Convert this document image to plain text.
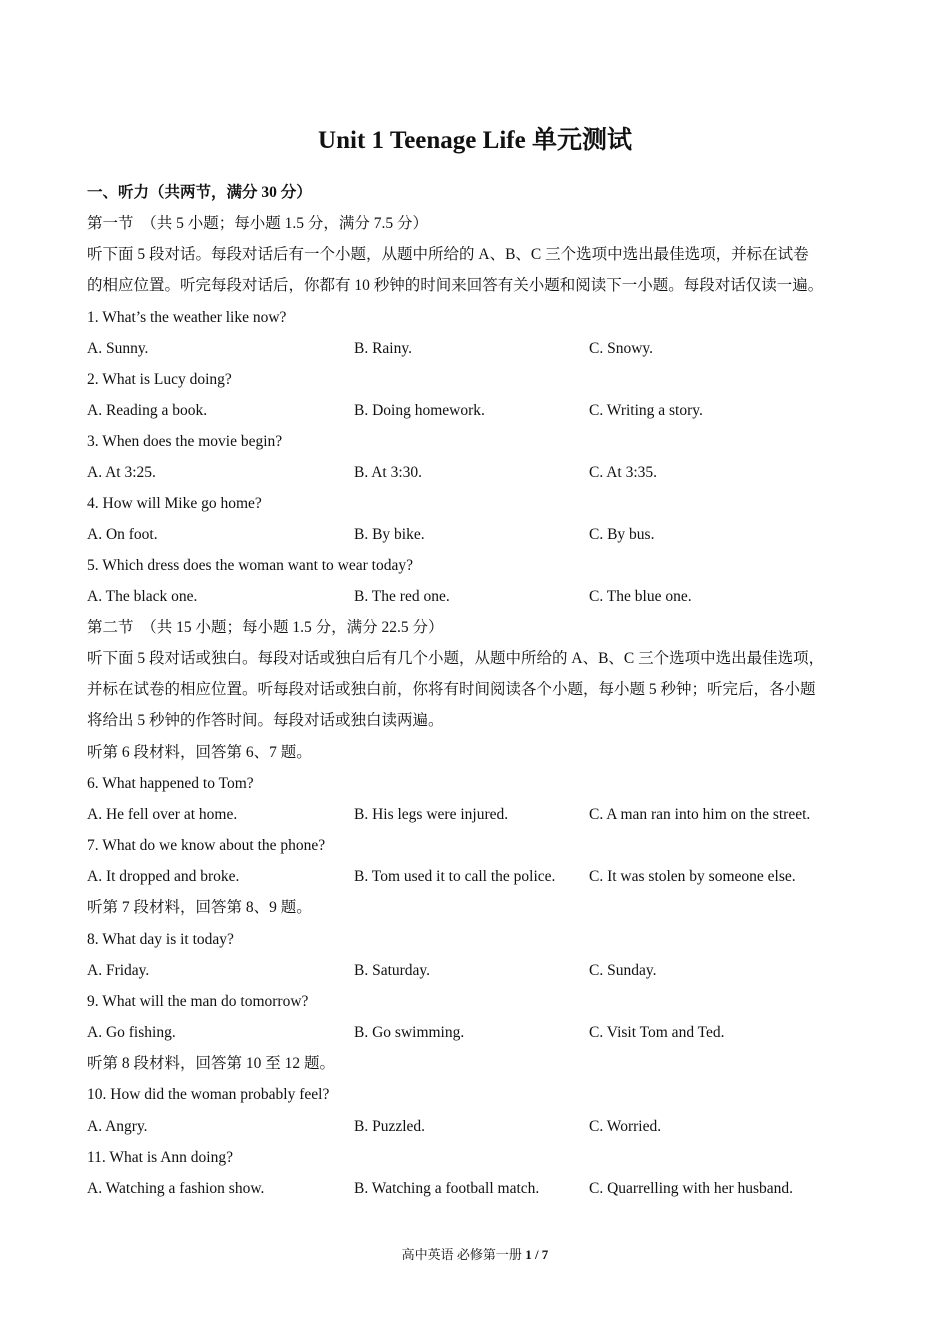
Unit 1 Teenage Life 单元测试
一、听力（共两节，满分 30 分）
第一节　（共 5 小题；每小题 1.5 分，满分 7.5 分）
听下面 5 段对话。每段对话后有一个小题，从题中所给的 A、B、C 三个选项中选出最佳选项，并标在试卷
的相应位置。听完每段对话后，你都有 10 秒钟的时间来回答有关小题和阅读下一小题。每段对话仅读一遍。
1. What’s the weather like now?
A. Sunny.	B. Rainy.	C. Snowy.
2. What is Lucy doing?
A. Reading a book.	B. Doing homework.	C. Writing a story.
3. When does the movie begin?
A. At 3:25.	B. At 3:30.	C. At 3:35.
4. How will Mike go home?
A. On foot.	B. By bike.	C. By bus.
5. Which dress does the woman want to wear today?
A. The black one.	B. The red one.	C. The blue one.
第二节　（共 15 小题；每小题 1.5 分，满分 22.5 分）
听下面 5 段对话或独白。每段对话或独白后有几个小题，从题中所给的 A、B、C 三个选项中选出最佳选项，
并标在试卷的相应位置。听每段对话或独白前，你将有时间阅读各个小题，每小题 5 秒钟；听完后，各小题
将给出 5 秒钟的作答时间。每段对话或独白读两遍。
听第 6 段材料，回答第 6、7 题。
6. What happened to Tom?
A. He fell over at home.	B. His legs were injured.	C. A man ran into him on the street.
7. What do we know about the phone?
A. It dropped and broke.	B. Tom used it to call the police. C. It was stolen by someone else.
听第 7 段材料，回答第 8、9 题。
8. What day is it today?
A. Friday.	B. Saturday.	C. Sunday.
9. What will the man do tomorrow?
A. Go fishing.	B. Go swimming.	C. Visit Tom and Ted.
听第 8 段材料，回答第 10 至 12 题。
10. How did the woman probably feel?
A. Angry.	B. Puzzled.	C. Worried.
11. What is Ann doing?
A. Watching a fashion show.	B. Watching a football match.	C. Quarrelling with her husband.
高中英语 必修第一册 1 / 7
